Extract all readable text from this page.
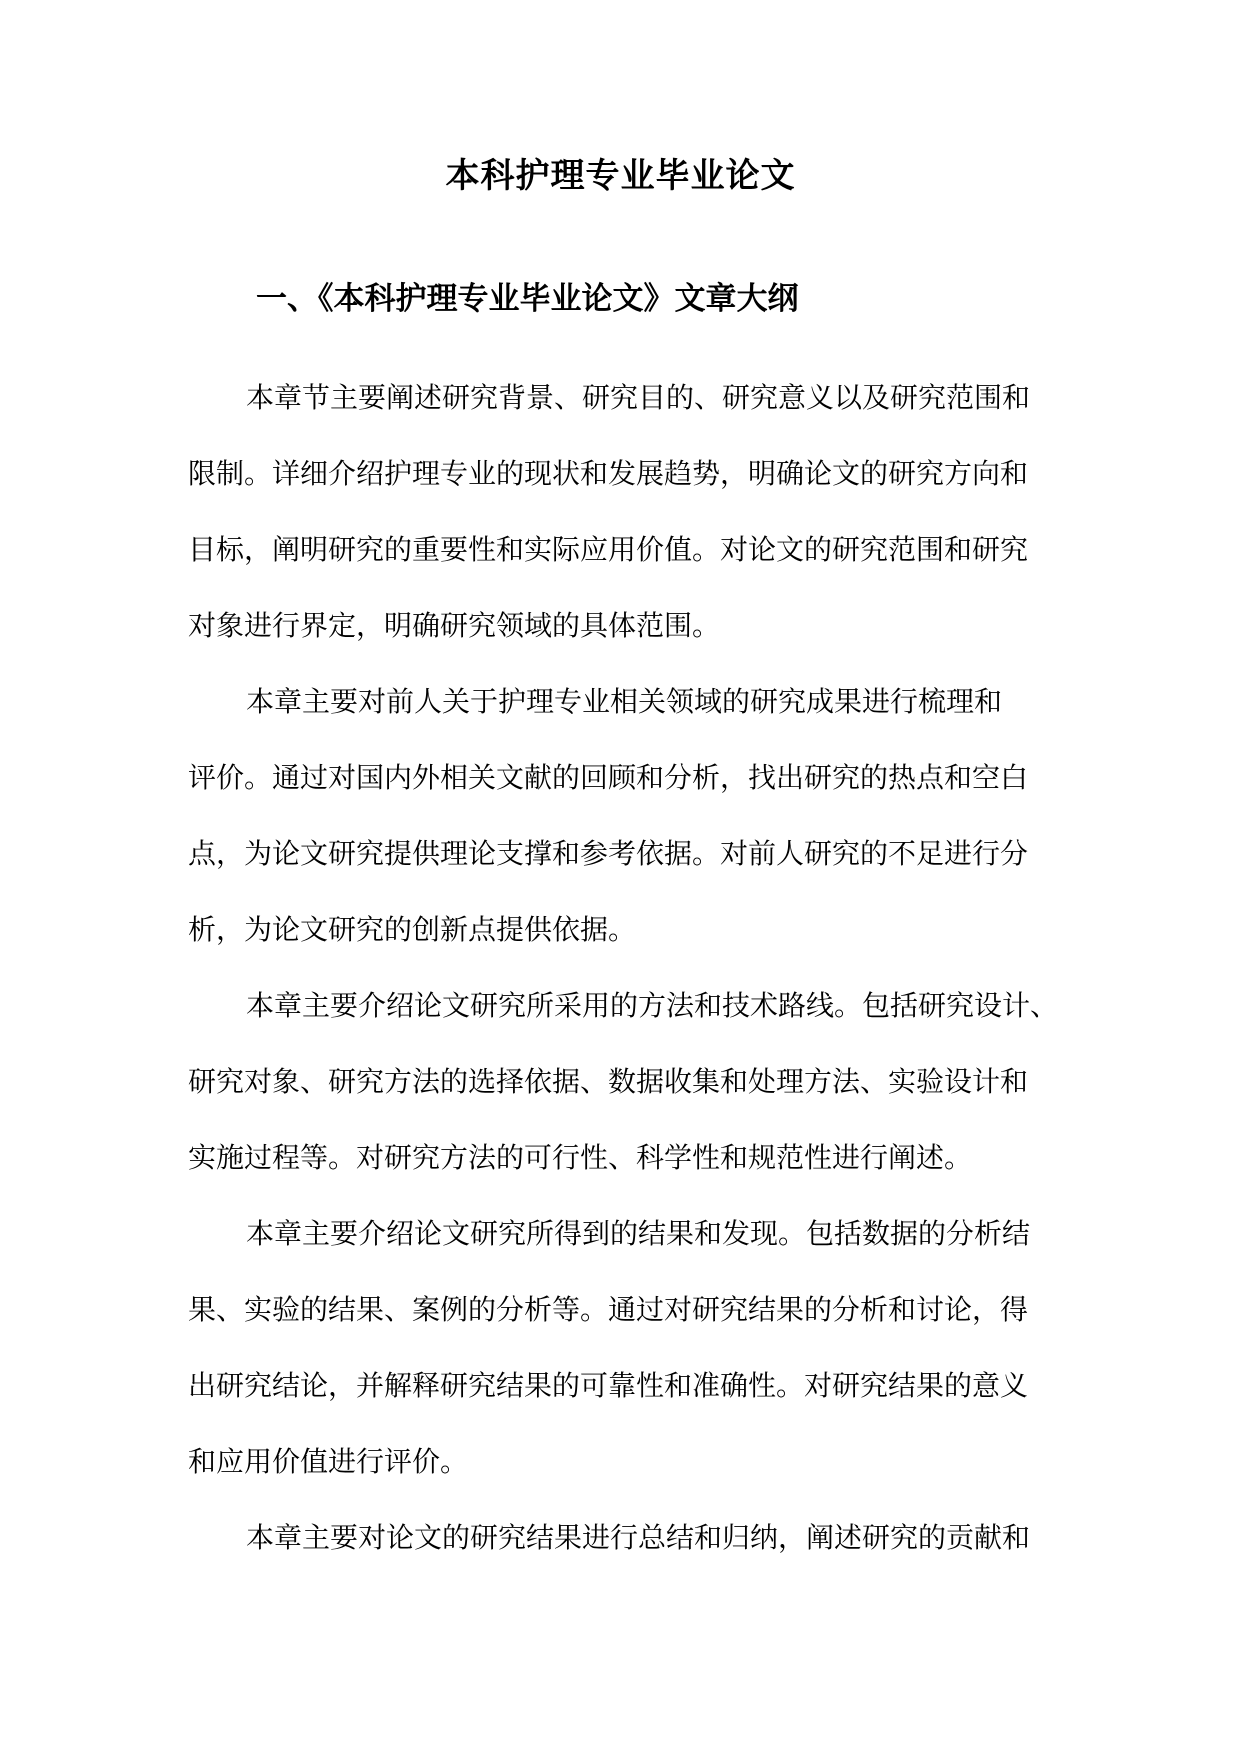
本科护理专业毕业论文
一、《本科护理专业毕业论文》文章大纲

本章节主要阐述研究背景、研究目的、研究意义以及研究范围和
限制。详细介绍护理专业的现状和发展趋势，明确论文的研究方向和
目标，阐明研究的重要性和实际应用价值。对论文的研究范围和研究
对象进行界定，明确研究领域的具体范围。

本章主要对前人关于护理专业相关领域的研究成果进行梳理和
评价。通过对国内外相关文献的回顾和分析，找出研究的热点和空白
点，为论文研究提供理论支撑和参考依据。对前人研究的不足进行分
析，为论文研究的创新点提供依据。

本章主要介绍论文研究所采用的方法和技术路线。包括研究设计、
研究对象、研究方法的选择依据、数据收集和处理方法、实验设计和
实施过程等。对研究方法的可行性、科学性和规范性进行阐述。

本章主要介绍论文研究所得到的结果和发现。包括数据的分析结
果、实验的结果、案例的分析等。通过对研究结果的分析和讨论，得
出研究结论，并解释研究结果的可靠性和准确性。对研究结果的意义
和应用价值进行评价。

本章主要对论文的研究结果进行总结和归纳，阐述研究的贡献和
